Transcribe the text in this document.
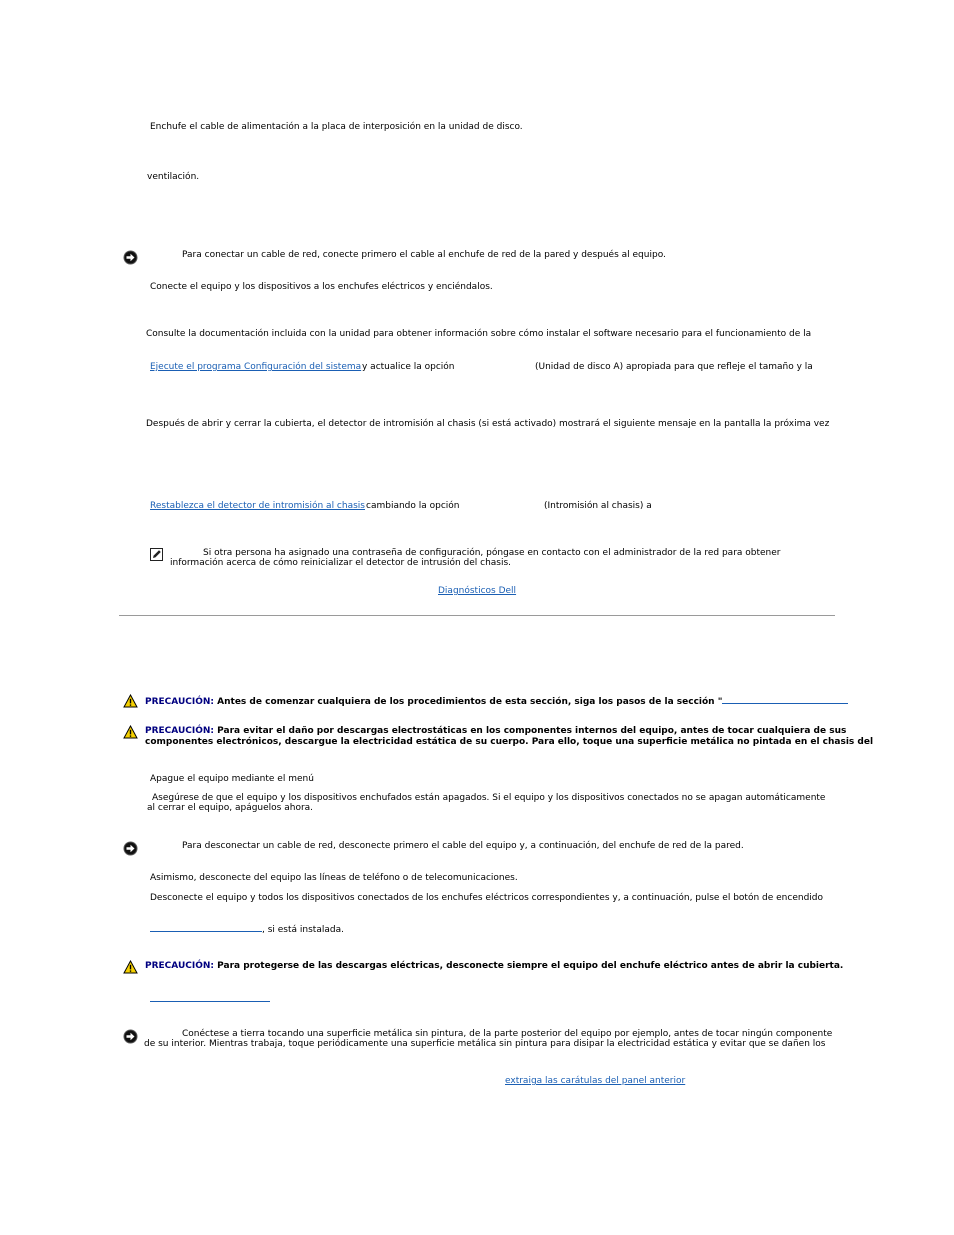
Enchufe el cable de alimentación a la placa de interposición en la unidad de disco.
ventilación.
Para conectar un cable de red, conecte primero el cable al enchufe de red de la pared y después al equipo.
Conecte el equipo y los dispositivos a los enchufes eléctricos y enciéndalos.
Consulte la documentación incluida con la unidad para obtener información sobre cómo instalar el software necesario para el funcionamiento de la
Ejecute el programa Configuración del sistema y actualice la opción	(Unidad de disco A) apropiada para que refleje el tamaño y la
Después de abrir y cerrar la cubierta, el detector de intromisión al chasis (si está activado) mostrará el siguiente mensaje en la pantalla la próxima vez
Restablezca el detector de intromisión al chasis cambiando la opción	(Intromisión al chasis) a
Si otra persona ha asignado una contraseña de configuración, póngase en contacto con el administrador de la red para obtener
información acerca de cómo reinicializar el detector de intrusión del chasis.
Diagnósticos Dell
PRECAUCIÓN: Antes de comenzar cualquiera de los procedimientos de esta sección, siga los pasos de la sección "
PRECAUCIÓN: Para evitar el daño por descargas electrostáticas en los componentes internos del equipo, antes de tocar cualquiera de sus
componentes electrónicos, descargue la electricidad estática de su cuerpo. Para ello, toque una superficie metálica no pintada en el chasis del
Apague el equipo mediante el menú
Asegúrese de que el equipo y los dispositivos enchufados están apagados. Si el equipo y los dispositivos conectados no se apagan automáticamente
al cerrar el equipo, apáguelos ahora.
Para desconectar un cable de red, desconecte primero el cable del equipo y, a continuación, del enchufe de red de la pared.
Asimismo, desconecte del equipo las líneas de teléfono o de telecomunicaciones.
Desconecte el equipo y todos los dispositivos conectados de los enchufes eléctricos correspondientes y, a continuación, pulse el botón de encendido
, si está instalada.
PRECAUCIÓN: Para protegerse de las descargas eléctricas, desconecte siempre el equipo del enchufe eléctrico antes de abrir la cubierta.
Conéctese a tierra tocando una superficie metálica sin pintura, de la parte posterior del equipo por ejemplo, antes de tocar ningún componente
de su interior. Mientras trabaja, toque periódicamente una superficie metálica sin pintura para disipar la electricidad estática y evitar que se dañen los
extraiga las carátulas del panel anterior
